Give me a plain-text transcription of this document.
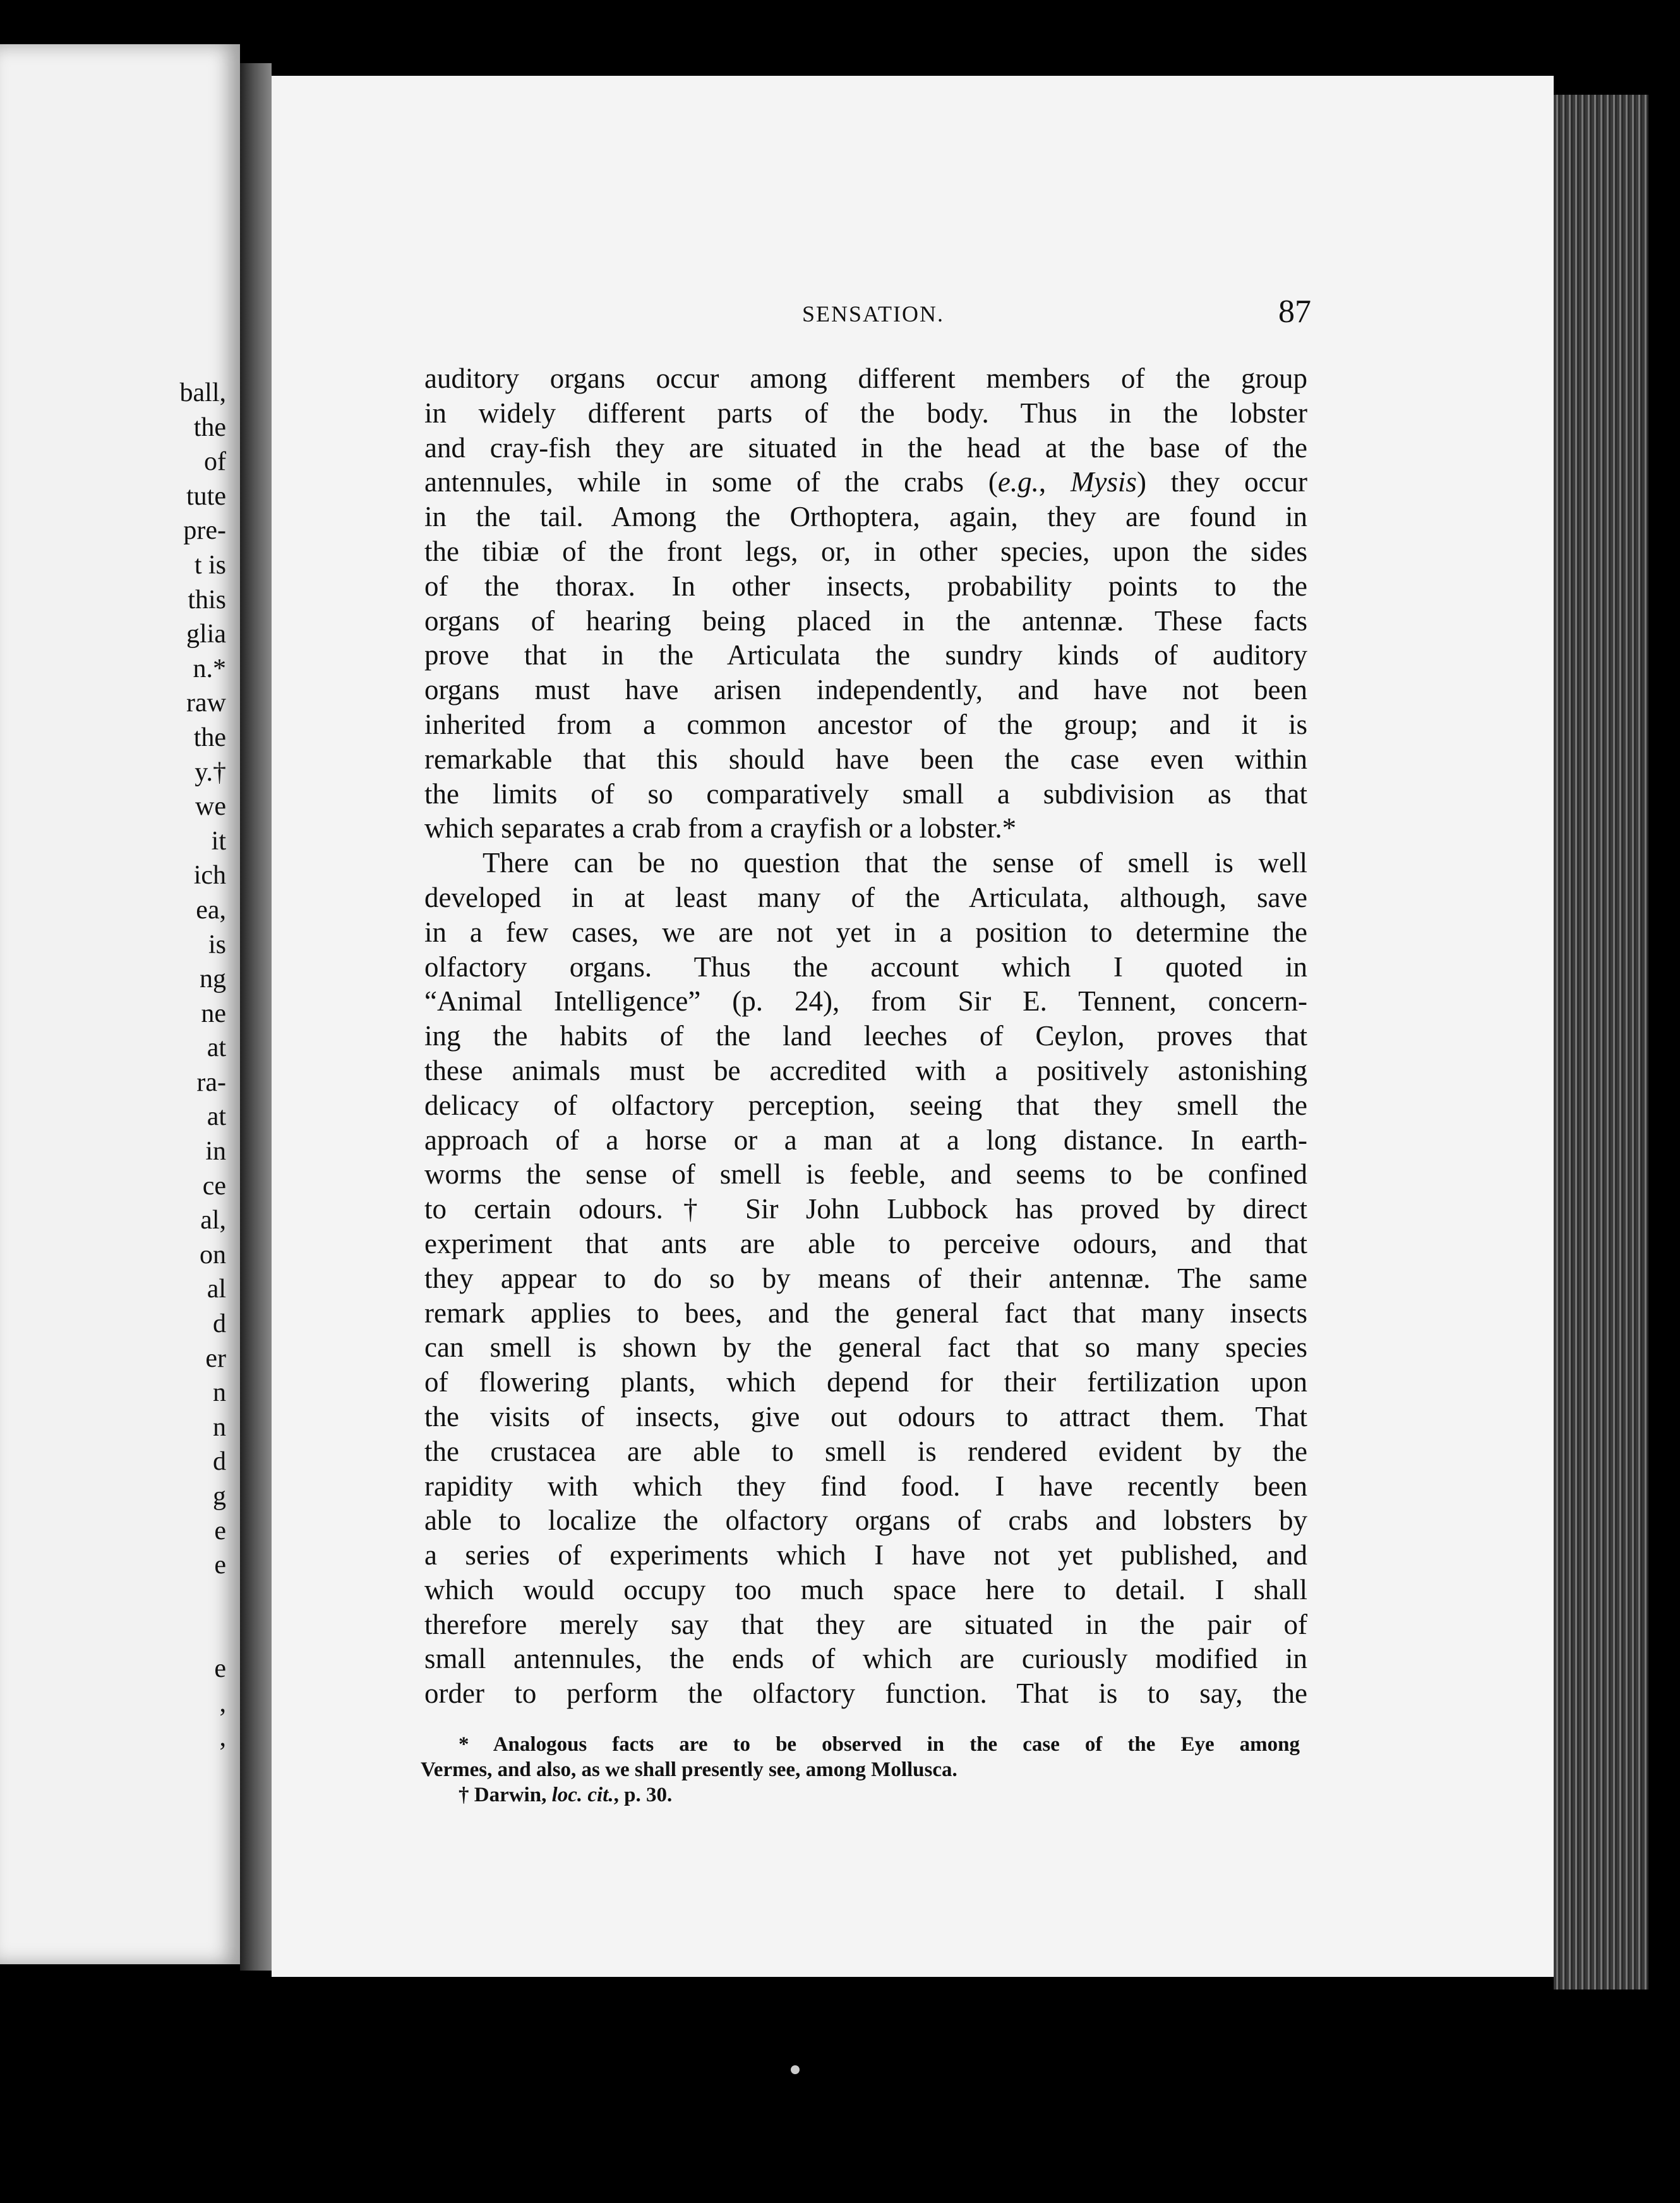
ball,
the
of
tute
pre-
t is
this
glia
n.*
raw
the
y.†
we
it
ich
ea,
is
ng
ne
at
ra-
at
in
ce
al,
on
al
d
er
n
n
d
g
e
e

e
,
,
SENSATION.	87
auditory organs occur among different members of the group
in widely different parts of the body. Thus in the lobster
and cray-fish they are situated in the head at the base of the
antennules, while in some of the crabs (e.g., Mysis) they occur
in the tail. Among the Orthoptera, again, they are found in
the tibiæ of the front legs, or, in other species, upon the sides
of the thorax. In other insects, probability points to the
organs of hearing being placed in the antennæ. These facts
prove that in the Articulata the sundry kinds of auditory
organs must have arisen independently, and have not been
inherited from a common ancestor of the group; and it is
remarkable that this should have been the case even within
the limits of so comparatively small a subdivision as that
which separates a crab from a crayfish or a lobster.*
There can be no question that the sense of smell is well
developed in at least many of the Articulata, although, save
in a few cases, we are not yet in a position to determine the
olfactory organs. Thus the account which I quoted in
“Animal Intelligence” (p. 24), from Sir E. Tennent, concern-
ing the habits of the land leeches of Ceylon, proves that
these animals must be accredited with a positively astonishing
delicacy of olfactory perception, seeing that they smell the
approach of a horse or a man at a long distance. In earth-
worms the sense of smell is feeble, and seems to be confined
to certain odours.† Sir John Lubbock has proved by direct
experiment that ants are able to perceive odours, and that
they appear to do so by means of their antennæ. The same
remark applies to bees, and the general fact that many insects
can smell is shown by the general fact that so many species
of flowering plants, which depend for their fertilization upon
the visits of insects, give out odours to attract them. That
the crustacea are able to smell is rendered evident by the
rapidity with which they find food. I have recently been
able to localize the olfactory organs of crabs and lobsters by
a series of experiments which I have not yet published, and
which would occupy too much space here to detail. I shall
therefore merely say that they are situated in the pair of
small antennules, the ends of which are curiously modified in
order to perform the olfactory function. That is to say, the
* Analogous facts are to be observed in the case of the Eye among
Vermes, and also, as we shall presently see, among Mollusca.
† Darwin, loc. cit., p. 30.
